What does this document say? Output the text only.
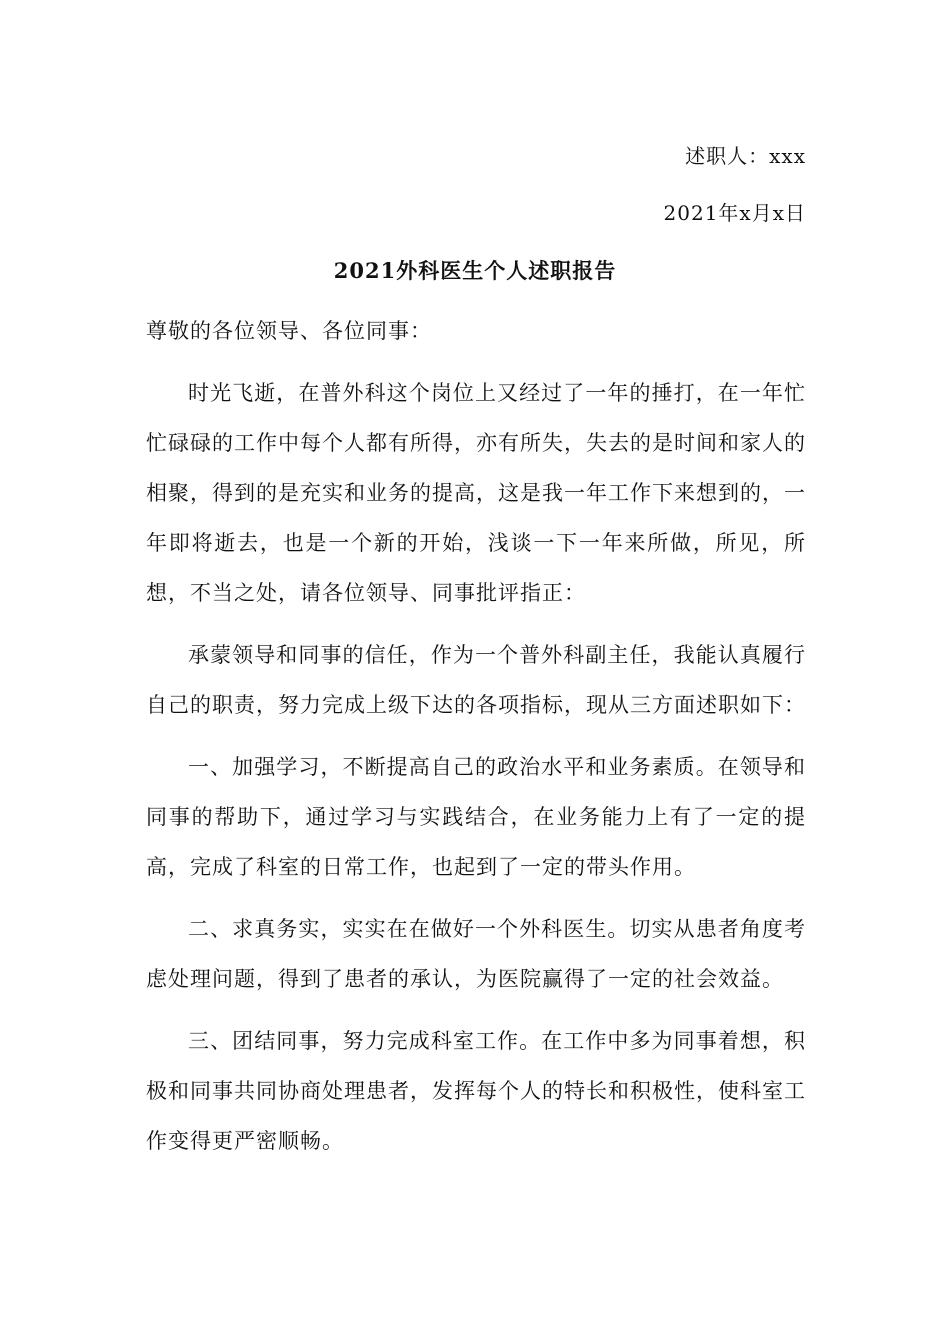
述职人：xxx
2021年x月x日
2021外科医生个人述职报告

尊敬的各位领导、各位同事：

时光飞逝，在普外科这个岗位上又经过了一年的捶打，在一年忙忙碌碌的工作中每个人都有所得，亦有所失，失去的是时间和家人的相聚，得到的是充实和业务的提高，这是我一年工作下来想到的，一年即将逝去，也是一个新的开始，浅谈一下一年来所做，所见，所想，不当之处，请各位领导、同事批评指正：

承蒙领导和同事的信任，作为一个普外科副主任，我能认真履行自己的职责，努力完成上级下达的各项指标，现从三方面述职如下：

一、加强学习，不断提高自己的政治水平和业务素质。在领导和同事的帮助下，通过学习与实践结合，在业务能力上有了一定的提高，完成了科室的日常工作，也起到了一定的带头作用。

二、求真务实，实实在在做好一个外科医生。切实从患者角度考虑处理问题，得到了患者的承认，为医院赢得了一定的社会效益。

三、团结同事，努力完成科室工作。在工作中多为同事着想，积极和同事共同协商处理患者，发挥每个人的特长和积极性，使科室工作变得更严密顺畅。
